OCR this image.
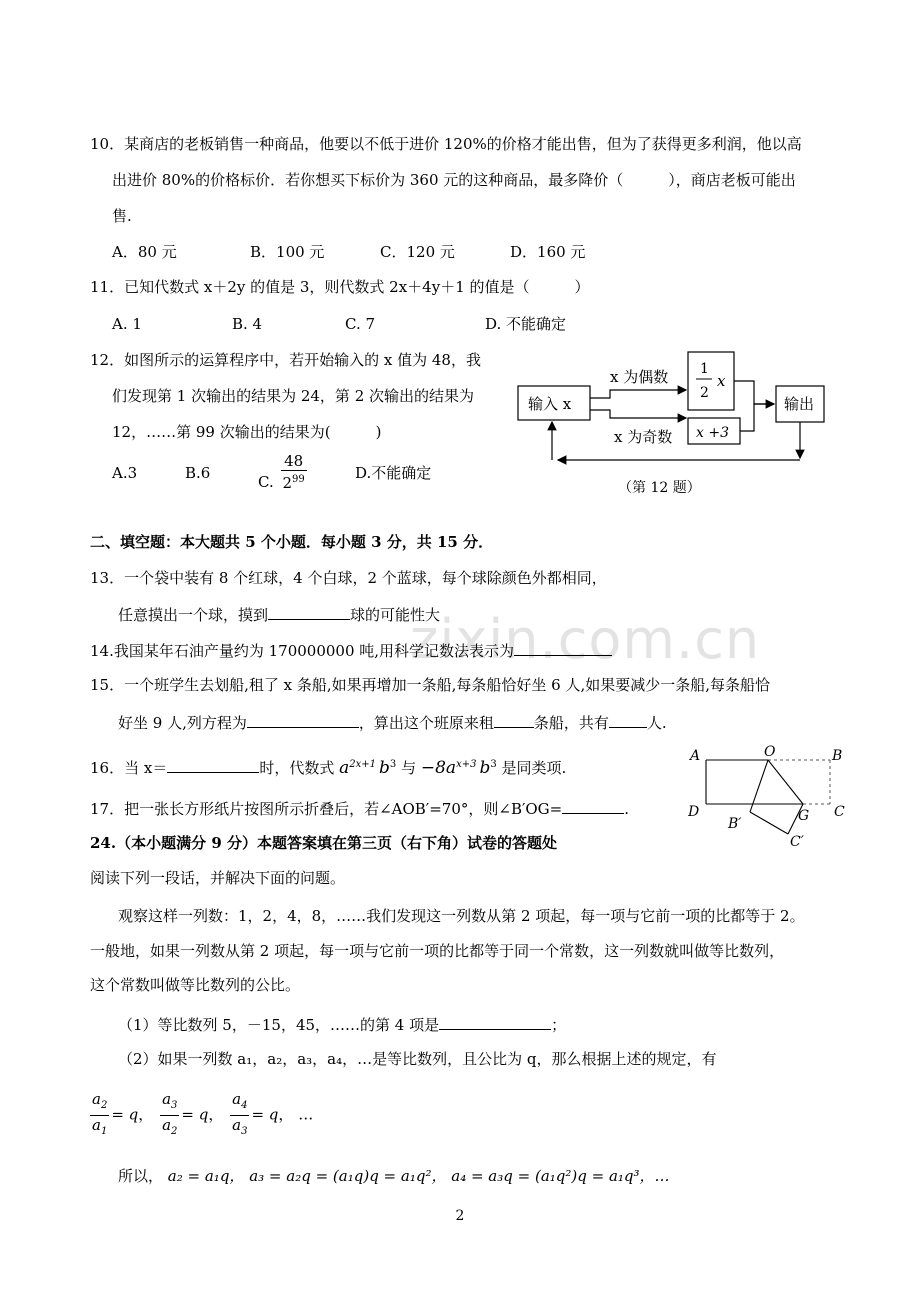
zixin.com.cn
10．某商店的老板销售一种商品，他要以不低于进价 120%的价格才能出售，但为了获得更多利润，他以高
出进价 80%的价格标价．若你想买下标价为 360 元的这种商品，最多降价（　　　），商店老板可能出
售.
A．80 元	B．100 元	C．120 元	D．160 元
11．已知代数式 x＋2y 的值是 3，则代数式 2x＋4y＋1 的值是（　　　）
A. 1	B. 4	C. 7	D. 不能确定
12．如图所示的运算程序中，若开始输入的 x 值为 48，我
们发现第 1 次输出的结果为 24，第 2 次输出的结果为
12，……第 99 次输出的结果为(　　　)
A.3	B.6	C. $\frac{48}{2^{99}}$	D.不能确定
输入 x
x 为偶数
x 为奇数
1
2
x
x +3
输出
（第 12 题）
二、填空题：本大题共 5 个小题．每小题 3 分，共 15 分．
13．一个袋中装有 8 个红球，4 个白球，2 个蓝球，每个球除颜色外都相同，
任意摸出一个球，摸到	球的可能性大
14.我国某年石油产量约为 170000000 吨,用科学记数法表示为
15．一个班学生去划船,租了 x 条船,如果再增加一条船,每条船恰好坐 6 人,如果要减少一条船,每条船恰
好坐 9 人,列方程为	，算出这个班原来租	条船，共有	人.
16．当 x＝	时，代数式 $a^{2x+1}$ $b^3$ 与 $-8a^{x+3}$ $b^3$ 是同类项.
17．把一张长方形纸片按图所示折叠后，若∠AOB′=70°，则∠B′OG=	.
A	O	B
D	C
B′	G
C′
24.（本小题满分 9 分）本题答案填在第三页（右下角）试卷的答题处
阅读下列一段话，并解决下面的问题。
观察这样一列数：1，2，4，8，……我们发现这一列数从第 2 项起，每一项与它前一项的比都等于 2。
一般地，如果一列数从第 2 项起，每一项与它前一项的比都等于同一个常数，这一列数就叫做等比数列，
这个常数叫做等比数列的公比。
（1）等比数列 5，－15，45，……的第 4 项是	；
（2）如果一列数 a₁，a₂，a₃，a₄，…是等比数列，且公比为 q，那么根据上述的规定，有
$\frac{a_2}{a_1} = q$， $\frac{a_3}{a_2} = q$， $\frac{a_4}{a_3} = q$， …
所以， a₂ = a₁q， a₃ = a₂q = (a₁q)q = a₁q²， a₄ = a₃q = (a₁q²)q = a₁q³，…
2
